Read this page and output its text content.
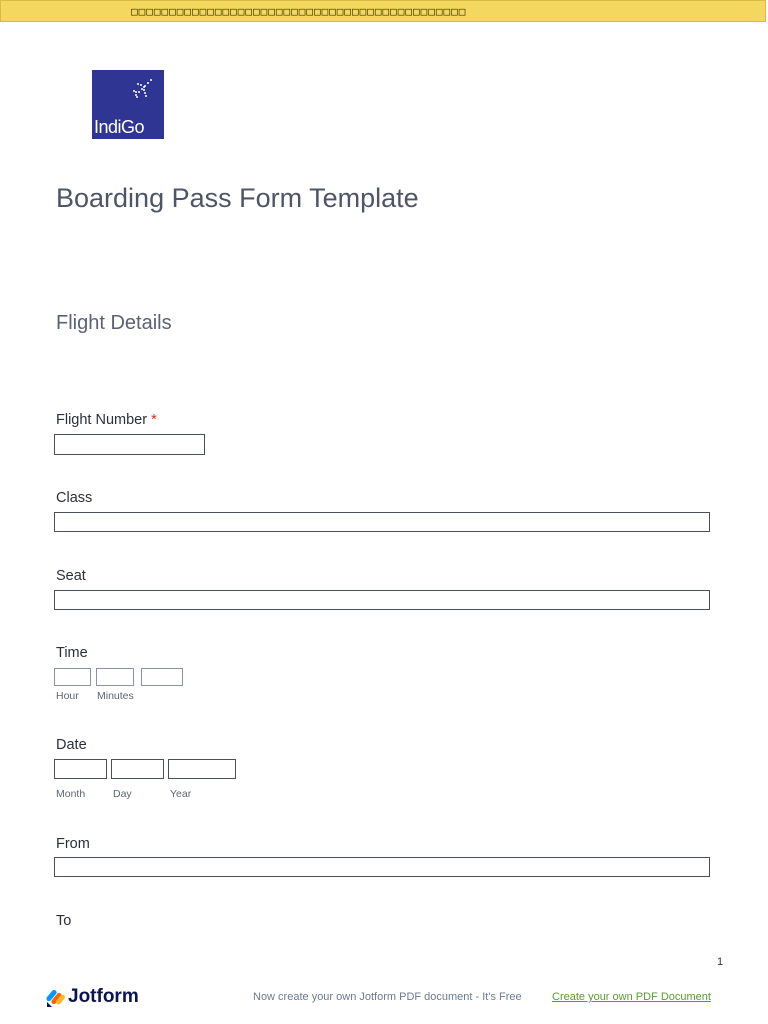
□□□□□□□□□□□□□□□□□□□□□□□□□□□□□□□□□□□□□□□□□□□□
IndiGo
Boarding Pass Form Template
Flight Details
Flight Number *
Class
Seat
Time
Hour Minutes
Date
Month	Day	Year
From
To
1
Jotform	Now create your own Jotform PDF document - It's Free	Create your own PDF Document
